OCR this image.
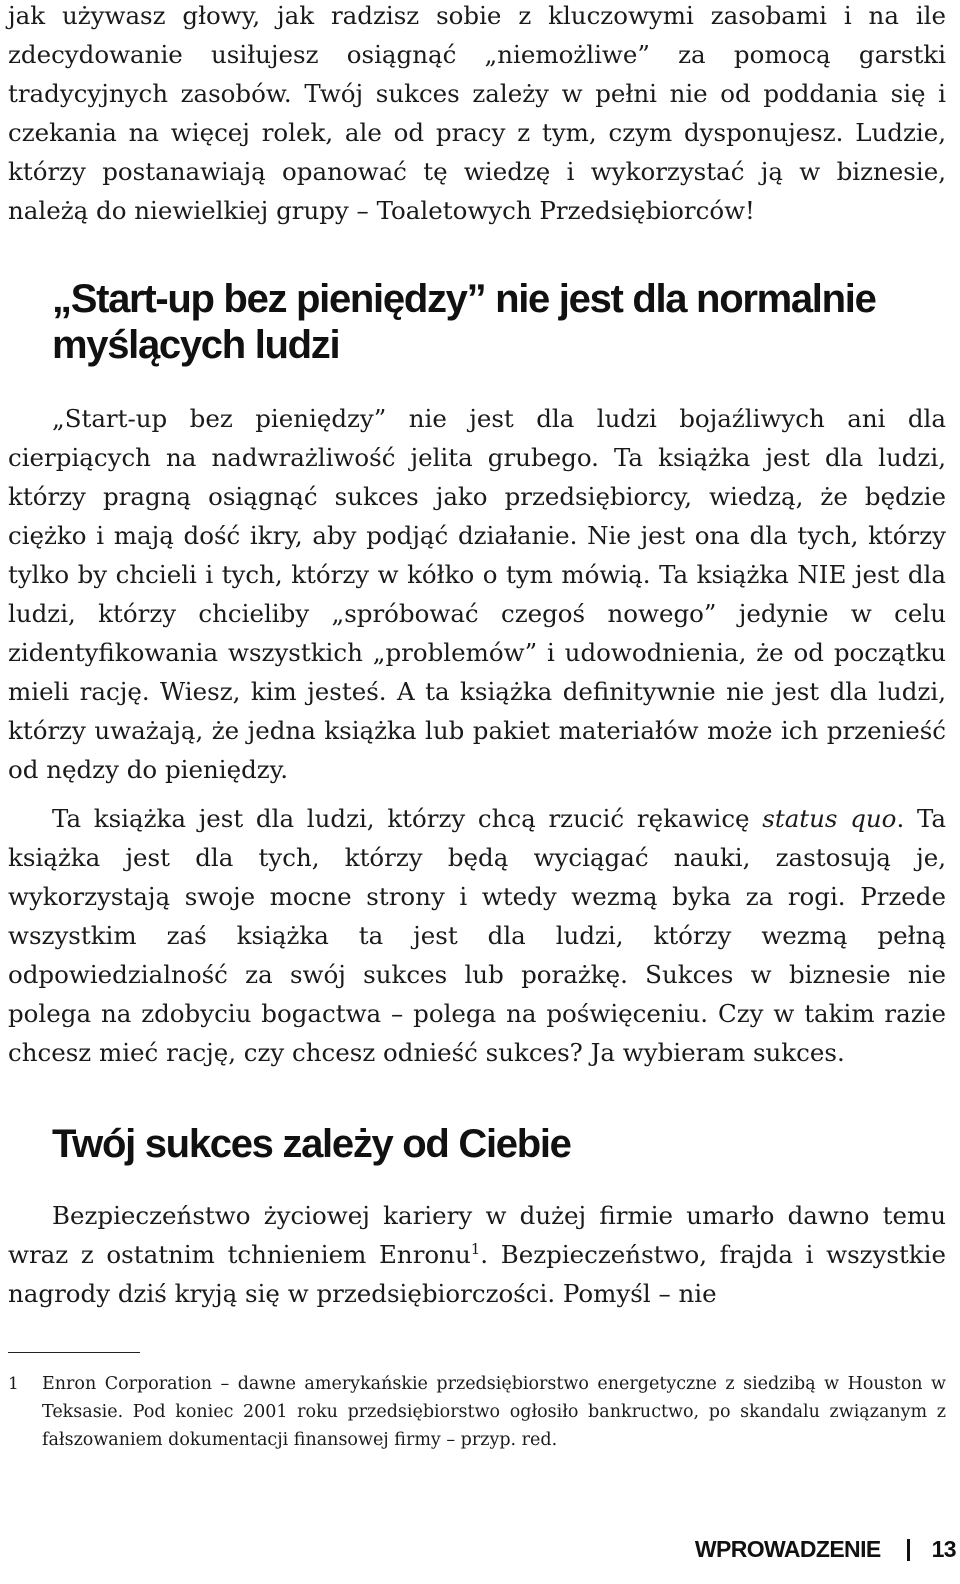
jak używasz głowy, jak radzisz sobie z kluczowymi zasobami i na ile zdecydowanie usiłujesz osiągnąć „niemożliwe” za pomocą garstki tradycyjnych zasobów. Twój sukces zależy w pełni nie od poddania się i czekania na więcej rolek, ale od pracy z tym, czym dysponujesz. Ludzie, którzy postanawiają opanować tę wiedzę i wykorzystać ją w biznesie, należą do niewielkiej grupy – Toaletowych Przedsiębiorców!

„Start-up bez pieniędzy” nie jest dla normalnie myślących ludzi

„Start-up bez pieniędzy” nie jest dla ludzi bojaźliwych ani dla cierpiących na nadwrażliwość jelita grubego. Ta książka jest dla ludzi, którzy pragną osiągnąć sukces jako przedsiębiorcy, wiedzą, że będzie ciężko i mają dość ikry, aby podjąć działanie. Nie jest ona dla tych, którzy tylko by chcieli i tych, którzy w kółko o tym mówią. Ta książka NIE jest dla ludzi, którzy chcieliby „spróbować czegoś nowego” jedynie w celu zidentyfikowania wszystkich „problemów” i udowodnienia, że od początku mieli rację. Wiesz, kim jesteś. A ta książka definitywnie nie jest dla ludzi, którzy uważają, że jedna książka lub pakiet materiałów może ich przenieść od nędzy do pieniędzy.

Ta książka jest dla ludzi, którzy chcą rzucić rękawicę status quo. Ta książka jest dla tych, którzy będą wyciągać nauki, zastosują je, wykorzystają swoje mocne strony i wtedy wezmą byka za rogi. Przede wszystkim zaś książka ta jest dla ludzi, którzy wezmą pełną odpowiedzialność za swój sukces lub porażkę. Sukces w biznesie nie polega na zdobyciu bogactwa – polega na poświęceniu. Czy w takim razie chcesz mieć rację, czy chcesz odnieść sukces? Ja wybieram sukces.

Twój sukces zależy od Ciebie

Bezpieczeństwo życiowej kariery w dużej firmie umarło dawno temu wraz z ostatnim tchnieniem Enronu$^1$. Bezpieczeństwo, frajda i wszystkie nagrody dziś kryją się w przedsiębiorczości. Pomyśl – nie

1 Enron Corporation – dawne amerykańskie przedsiębiorstwo energetyczne z siedzibą w Houston w Teksasie. Pod koniec 2001 roku przedsiębiorstwo ogłosiło bankructwo, po skandalu związanym z fałszowaniem dokumentacji finansowej firmy – przyp. red.
WPROWADZENIE 13
